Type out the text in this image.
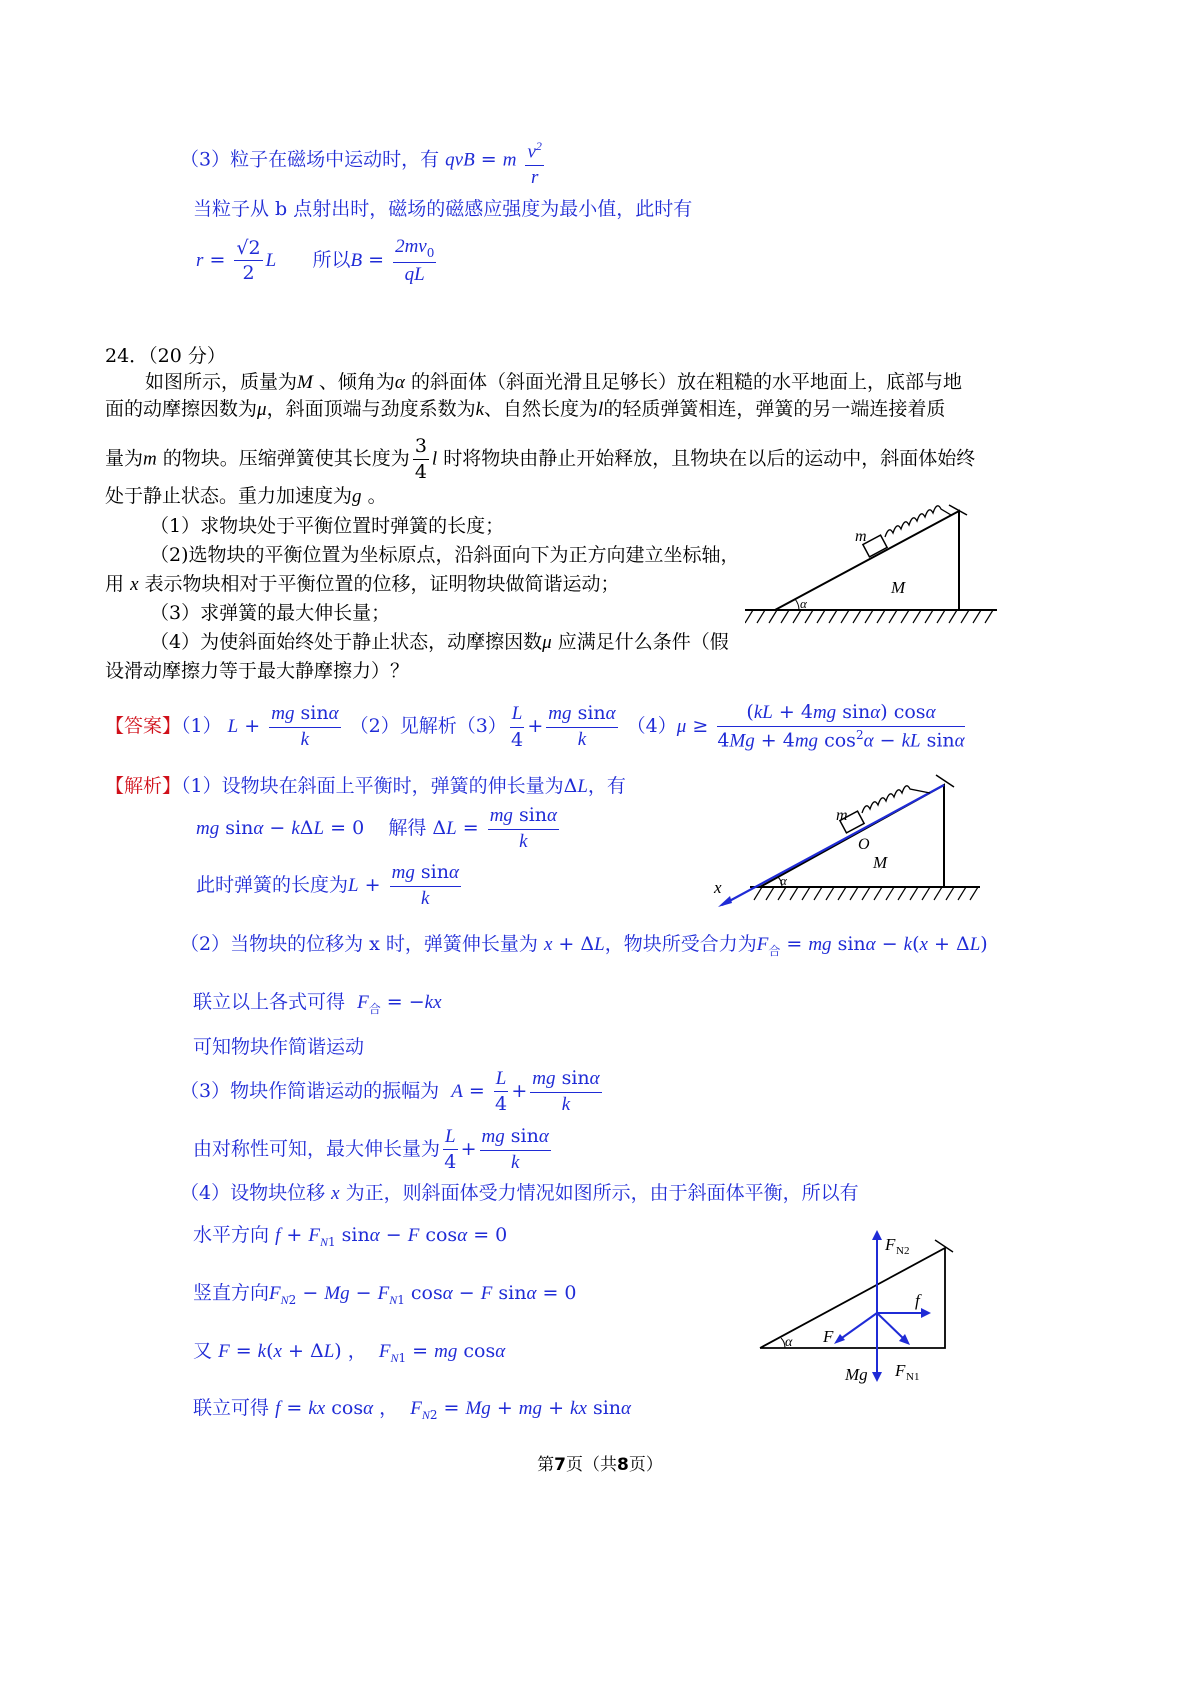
（3）粒子在磁场中运动时，有 qvB = m $\frac{v^2}{r}$
当粒子从 b 点射出时，磁场的磁感应强度为最小值，此时有
$r = \frac{√2}{2}$ L 所以$B = \frac{2mv_0}{qL}$
24．（20 分）
如图所示，质量为M 、倾角为α 的斜面体（斜面光滑且足够长）放在粗糙的水平地面上，底部与地
面的动摩擦因数为μ，斜面顶端与劲度系数为k、自然长度为l的轻质弹簧相连，弹簧的另一端连接着质
量为m 的物块。压缩弹簧使其长度为 $\frac{3}{4}$ l 时将物块由静止开始释放，且物块在以后的运动中，斜面体始终
处于静止状态。重力加速度为g 。
（1）求物块处于平衡位置时弹簧的长度；
（2)选物块的平衡位置为坐标原点，沿斜面向下为正方向建立坐标轴，
用 x 表示物块相对于平衡位置的位移，证明物块做简谐运动；
（3）求弹簧的最大伸长量；
（4）为使斜面始终处于静止状态，动摩擦因数μ 应满足什么条件（假
设滑动摩擦力等于最大静摩擦力）？
m
M
α
【答案】（1） $L + \frac{\text{mg sinα}}{k} (2)$见解析$(3) \frac{L}{4} + \frac{\text{mg sinα}}{k} (4)\mu \ge \frac{\text{(kL + 4mg sinα) cosα}}{4Mg + 4mg \cos^2\alpha - kL \sin\alpha}$
【解析】（1）设物块在斜面上平衡时，弹簧的伸长量为ΔL，有
mg sinα − kΔL = 0    解得 $\Delta L = \frac{\text{mg sinα}}{k}$
此时弹簧的长度为$L + \frac{\text{mg sinα}}{k}$
m
O
M
x	α
（2）当物块的位移为 x 时，弹簧伸长量为 x + ΔL，物块所受合力为$F_合$ = mg sinα − k(x + ΔL)
联立以上各式可得 $F_合 = -kx$
可知物块作简谐运动
（3）物块作简谐运动的振幅为 $A = \frac{L}{4} + \frac{\text{mg sinα}}{k}$
由对称性可知，最大伸长量为 $\frac{L}{4} + \frac{\text{mg sinα}}{k}$
（4）设物块位移 x 为正，则斜面体受力情况如图所示，由于斜面体平衡，所以有
水平方向 $f + F_{N1}$ sinα − F cosα = 0
竖直方向$F_{N2} - Mg - F_{N1}$ cosα − F sinα = 0
又 F = k(x + ΔL) ，  $F_{N1}$ = mg cosα
联立可得 f = kx cosα ，  $F_{N2} = Mg$ + mg + kx sinα
α
F N2
f
F
Mg F N1
第7页（共8页）
